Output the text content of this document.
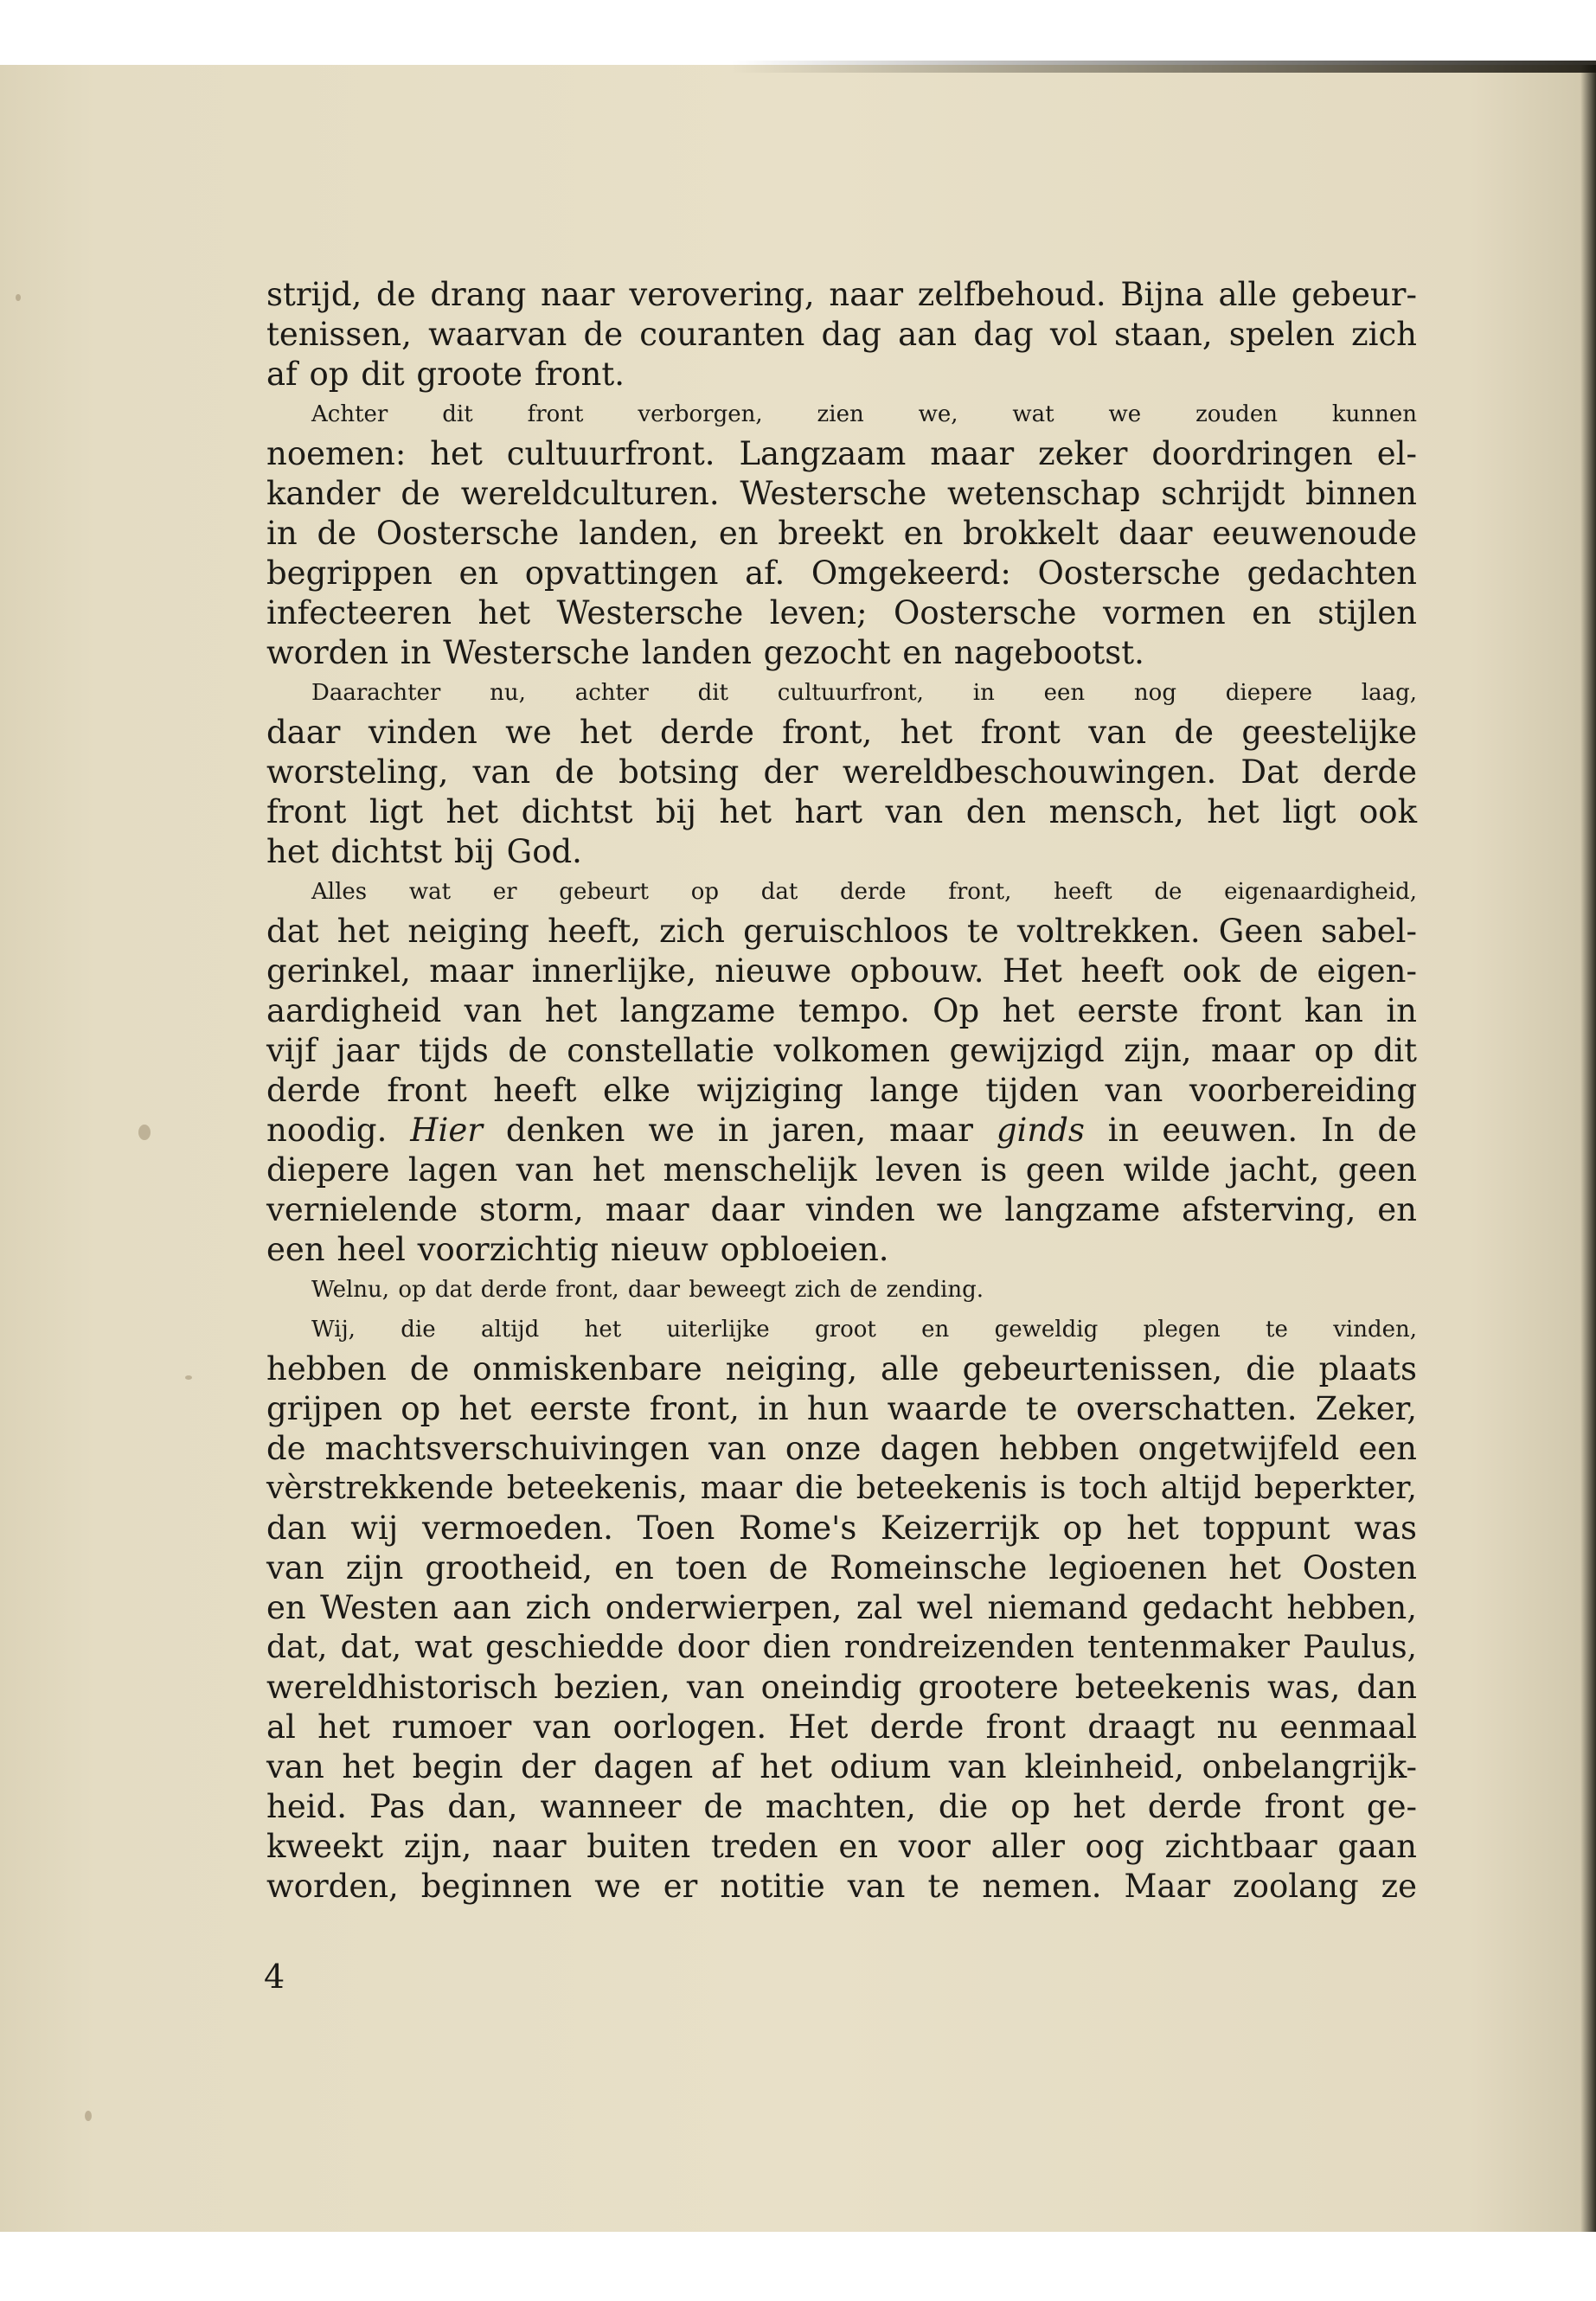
strijd, de drang naar verovering, naar zelfbehoud. Bijna alle gebeur-
tenissen, waarvan de couranten dag aan dag vol staan, spelen zich
af op dit groote front.
Achter dit front verborgen, zien we, wat we zouden kunnen
noemen: het cultuurfront. Langzaam maar zeker doordringen el-
kander de wereldculturen. Westersche wetenschap schrijdt binnen
in de Oostersche landen, en breekt en brokkelt daar eeuwenoude
begrippen en opvattingen af. Omgekeerd: Oostersche gedachten
infecteeren het Westersche leven; Oostersche vormen en stijlen
worden in Westersche landen gezocht en nagebootst.
Daarachter nu, achter dit cultuurfront, in een nog diepere laag,
daar vinden we het derde front, het front van de geestelijke
worsteling, van de botsing der wereldbeschouwingen. Dat derde
front ligt het dichtst bij het hart van den mensch, het ligt ook
het dichtst bij God.
Alles wat er gebeurt op dat derde front, heeft de eigenaardigheid,
dat het neiging heeft, zich geruischloos te voltrekken. Geen sabel-
gerinkel, maar innerlijke, nieuwe opbouw. Het heeft ook de eigen-
aardigheid van het langzame tempo. Op het eerste front kan in
vijf jaar tijds de constellatie volkomen gewijzigd zijn, maar op dit
derde front heeft elke wijziging lange tijden van voorbereiding
noodig. Hier denken we in jaren, maar ginds in eeuwen. In de
diepere lagen van het menschelijk leven is geen wilde jacht, geen
vernielende storm, maar daar vinden we langzame afsterving, en
een heel voorzichtig nieuw opbloeien.
Welnu, op dat derde front, daar beweegt zich de zending.
Wij, die altijd het uiterlijke groot en geweldig plegen te vinden,
hebben de onmiskenbare neiging, alle gebeurtenissen, die plaats
grijpen op het eerste front, in hun waarde te overschatten. Zeker,
de machtsverschuivingen van onze dagen hebben ongetwijfeld een
vèrstrekkende beteekenis, maar die beteekenis is toch altijd beperkter,
dan wij vermoeden. Toen Rome's Keizerrijk op het toppunt was
van zijn grootheid, en toen de Romeinsche legioenen het Oosten
en Westen aan zich onderwierpen, zal wel niemand gedacht hebben,
dat, dat, wat geschiedde door dien rondreizenden tentenmaker Paulus,
wereldhistorisch bezien, van oneindig grootere beteekenis was, dan
al het rumoer van oorlogen. Het derde front draagt nu eenmaal
van het begin der dagen af het odium van kleinheid, onbelangrijk-
heid. Pas dan, wanneer de machten, die op het derde front ge-
kweekt zijn, naar buiten treden en voor aller oog zichtbaar gaan
worden, beginnen we er notitie van te nemen. Maar zoolang ze
4
